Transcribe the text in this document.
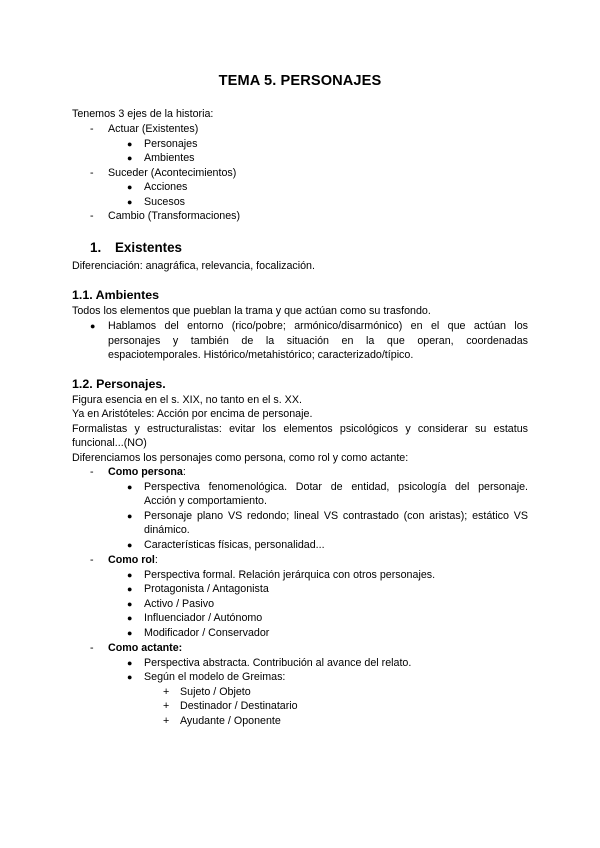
TEMA 5. PERSONAJES
Tenemos 3 ejes de la historia:
- Actuar (Existentes)
● Personajes
● Ambientes
- Suceder (Acontecimientos)
● Acciones
● Sucesos
- Cambio (Transformaciones)
1. Existentes
Diferenciación: anagráfica, relevancia, focalización.
1.1. Ambientes
Todos los elementos que pueblan la trama y que actúan como su trasfondo.
● Hablamos del entorno (rico/pobre; armónico/disarmónico) en el que actúan los
personajes y también de la situación en la que operan, coordenadas
espaciotemporales. Histórico/metahistórico; caracterizado/típico.
1.2. Personajes.
Figura esencia en el s. XIX, no tanto en el s. XX.
Ya en Aristóteles: Acción por encima de personaje.
Formalistas y estructuralistas: evitar los elementos psicológicos y considerar su estatus
funcional...(NO)
Diferenciamos los personajes como persona, como rol y como actante:
- Como persona:
● Perspectiva fenomenológica. Dotar de entidad, psicología del personaje.
Acción y comportamiento.
● Personaje plano VS redondo; lineal VS contrastado (con aristas); estático VS
dinámico.
● Características físicas, personalidad...
- Como rol:
● Perspectiva formal. Relación jerárquica con otros personajes.
● Protagonista / Antagonista
● Activo / Pasivo
● Influenciador / Autónomo
● Modificador / Conservador
- Como actante:
● Perspectiva abstracta. Contribución al avance del relato.
● Según el modelo de Greimas:
+ Sujeto / Objeto
+ Destinador / Destinatario
+ Ayudante / Oponente
